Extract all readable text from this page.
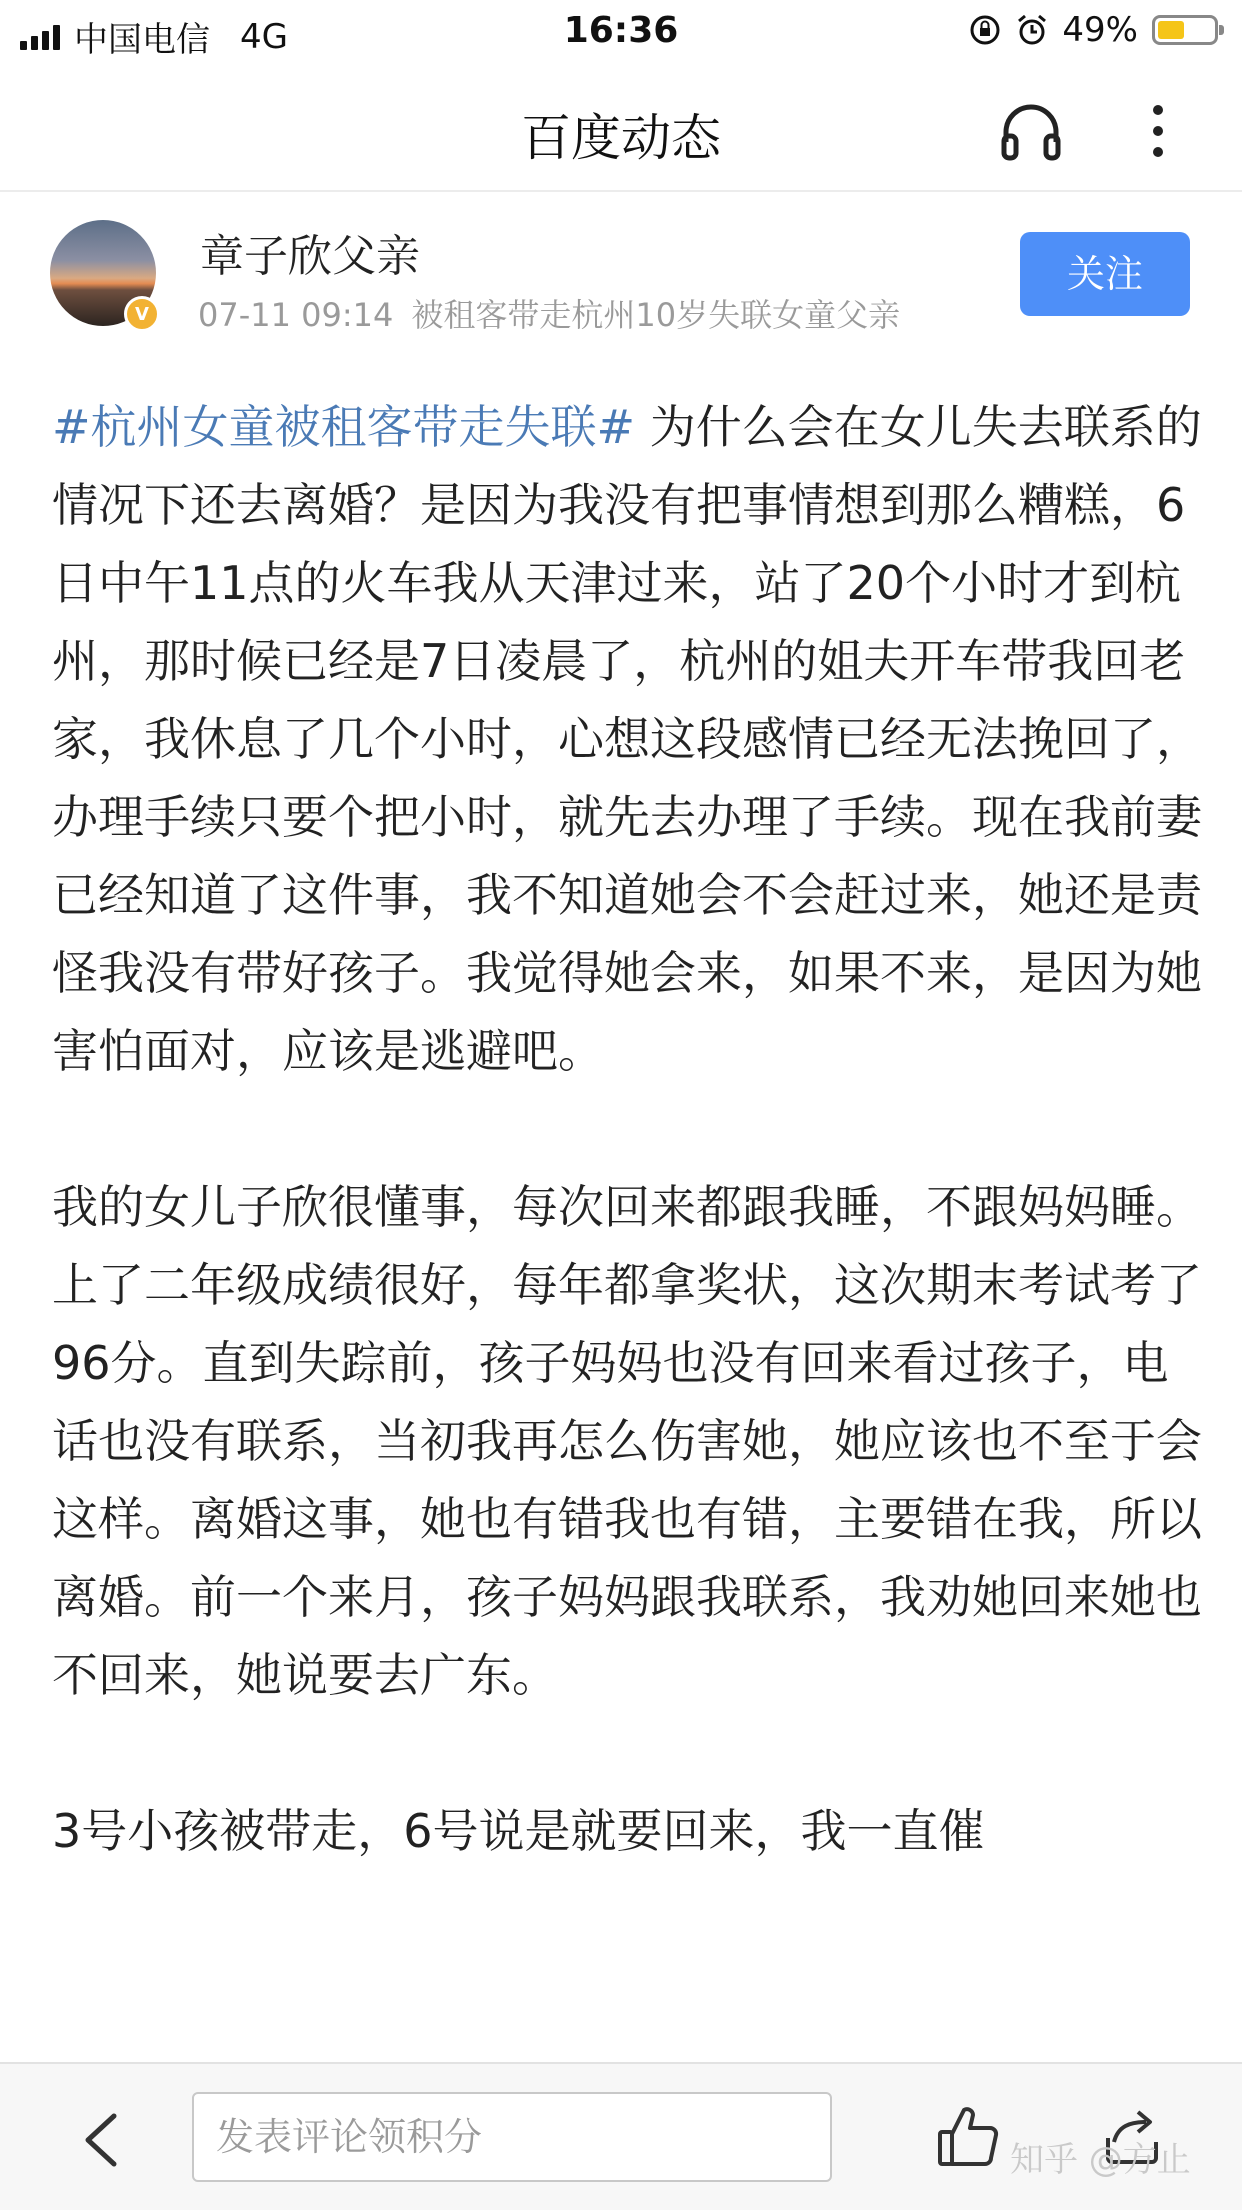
中国电信 4G	16:36	49%
百度动态
V
章子欣父亲
07-11 09:14 被租客带走杭州10岁失联女童父亲
关注

#杭州女童被租客带走失联# 为什么会在女儿失去联系的情况下还去离婚？是因为我没有把事情想到那么糟糕，6日中午11点的火车我从天津过来，站了20个小时才到杭州，那时候已经是7日凌晨了，杭州的姐夫开车带我回老家，我休息了几个小时，心想这段感情已经无法挽回了，办理手续只要个把小时，就先去办理了手续。现在我前妻已经知道了这件事，我不知道她会不会赶过来，她还是责怪我没有带好孩子。我觉得她会来，如果不来，是因为她害怕面对，应该是逃避吧。

我的女儿子欣很懂事，每次回来都跟我睡，不跟妈妈睡。上了二年级成绩很好，每年都拿奖状，这次期末考试考了96分。直到失踪前，孩子妈妈也没有回来看过孩子，电话也没有联系，当初我再怎么伤害她，她应该也不至于会这样。离婚这事，她也有错我也有错，主要错在我，所以离婚。前一个来月，孩子妈妈跟我联系，我劝她回来她也不回来，她说要去广东。

3号小孩被带走，6号说是就要回来，我一直催

发表评论领积分
知乎 @方止
